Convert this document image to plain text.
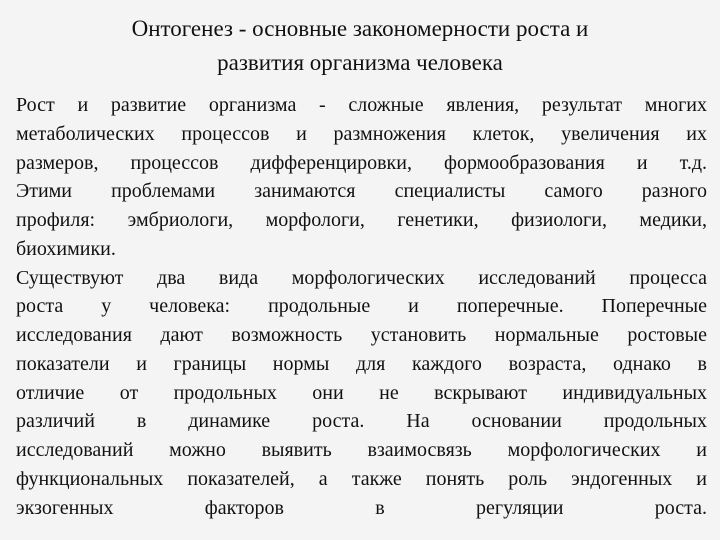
Онтогенез - основные закономерности роста и
развития организма человека

Рост и развитие организма - сложные явления, результат многих

метаболических процессов и размножения клеток, увеличения их

размеров, процессов дифференцировки, формообразования и т.д.

Этими проблемами занимаются специалисты самого разного

профиля: эмбриологи, морфологи, генетики, физиологи, медики,

биохимики.

Существуют два вида морфологических исследований процесса

роста у человека: продольные и поперечные. Поперечные

исследования дают возможность установить нормальные ростовые

показатели и границы нормы для каждого возраста, однако в

отличие от продольных они не вскрывают индивидуальных

различий в динамике роста. На основании продольных

исследований можно выявить взаимосвязь морфологических и

функциональных показателей, а также понять роль эндогенных и

экзогенных факторов в регуляции роста.
